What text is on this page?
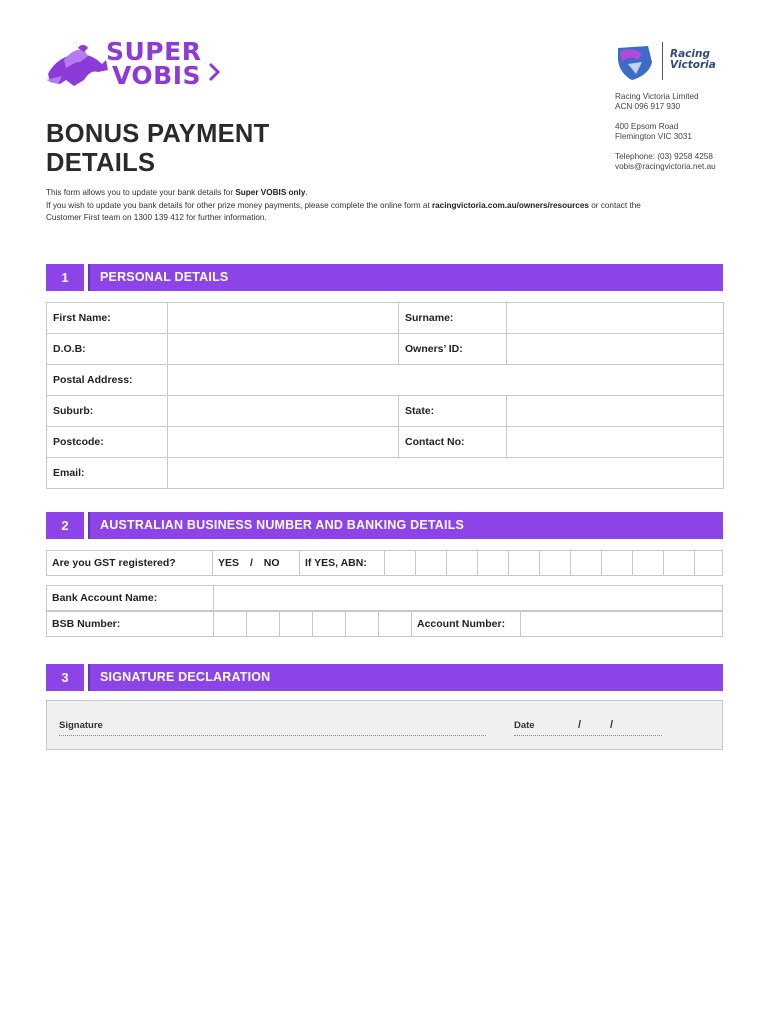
SUPER
VOBIS
Racing
Victoria

Racing Victoria Limited
ACN 096 917 930

400 Epsom Road
Flemington VIC 3031

Telephone: (03) 9258 4258
vobis@racingvictoria.net.au

BONUS PAYMENT
DETAILS
This form allows you to update your bank details for Super VOBIS only.
If you wish to update you bank details for other prize money payments, please complete the online form at racingvictoria.com.au/owners/resources or contact the
Customer First team on 1300 139 412 for further information.
1	PERSONAL DETAILS
First Name:		Surname:	
D.O.B:		Owners’ ID:	
Postal Address:			
Suburb:		State:	
Postcode:		Contact No:	
Email:			
2	AUSTRALIAN BUSINESS NUMBER AND BANKING DETAILS
Are you GST registered?	YES / NO	If YES, ABN:
Bank Account Name:
BSB Number:	Account Number:
3	SIGNATURE DECLARATION
Signature	Date	/	/
